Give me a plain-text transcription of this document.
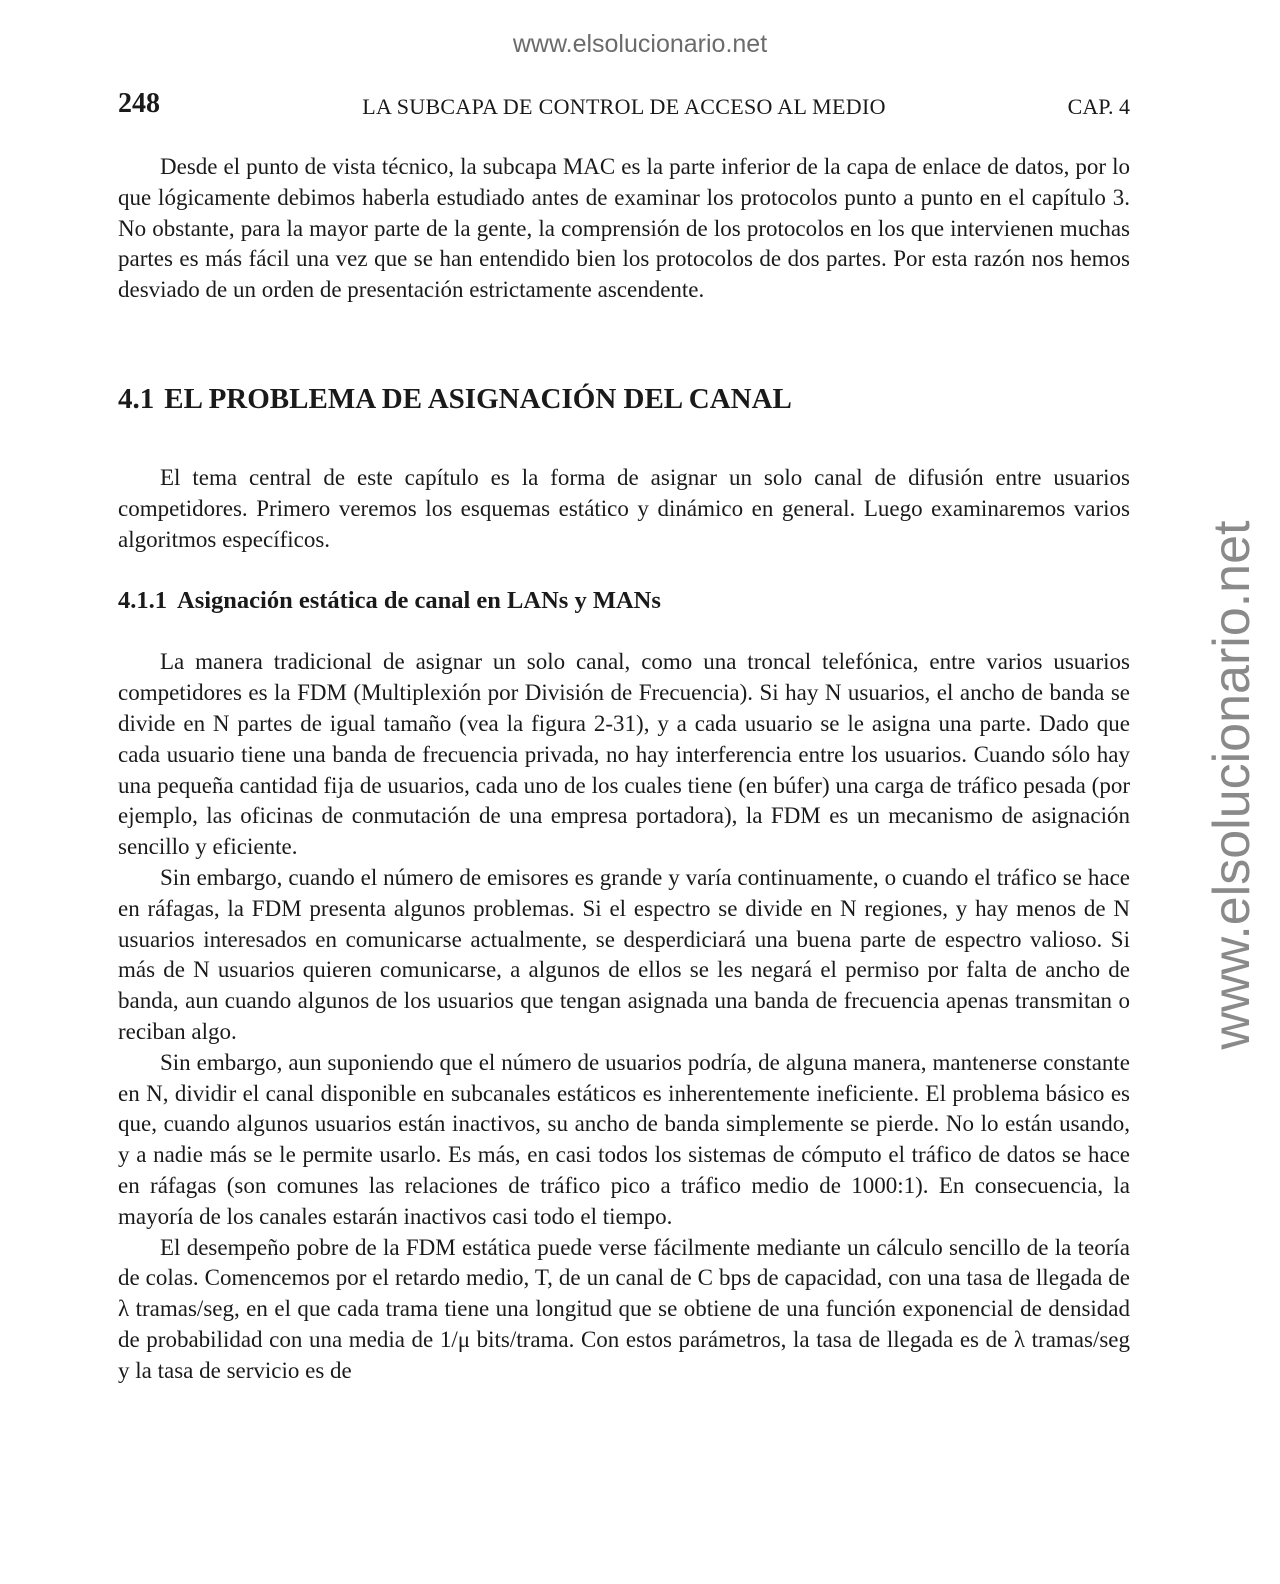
www.elsolucionario.net
www.elsolucionario.net
248	LA SUBCAPA DE CONTROL DE ACCESO AL MEDIO	CAP. 4

Desde el punto de vista técnico, la subcapa MAC es la parte inferior de la capa de enlace de datos, por lo que lógicamente debimos haberla estudiado antes de examinar los protocolos punto a punto en el capítulo 3. No obstante, para la mayor parte de la gente, la comprensión de los protocolos en los que intervienen muchas partes es más fácil una vez que se han entendido bien los protocolos de dos partes. Por esta razón nos hemos desviado de un orden de presentación estrictamente ascendente.

4.1 EL PROBLEMA DE ASIGNACIÓN DEL CANAL

El tema central de este capítulo es la forma de asignar un solo canal de difusión entre usuarios competidores. Primero veremos los esquemas estático y dinámico en general. Luego examinaremos varios algoritmos específicos.

4.1.1 Asignación estática de canal en LANs y MANs

La manera tradicional de asignar un solo canal, como una troncal telefónica, entre varios usuarios competidores es la FDM (Multiplexión por División de Frecuencia). Si hay N usuarios, el ancho de banda se divide en N partes de igual tamaño (vea la figura 2-31), y a cada usuario se le asigna una parte. Dado que cada usuario tiene una banda de frecuencia privada, no hay interferencia entre los usuarios. Cuando sólo hay una pequeña cantidad fija de usuarios, cada uno de los cuales tiene (en búfer) una carga de tráfico pesada (por ejemplo, las oficinas de conmutación de una empresa portadora), la FDM es un mecanismo de asignación sencillo y eficiente.

Sin embargo, cuando el número de emisores es grande y varía continuamente, o cuando el tráfico se hace en ráfagas, la FDM presenta algunos problemas. Si el espectro se divide en N regiones, y hay menos de N usuarios interesados en comunicarse actualmente, se desperdiciará una buena parte de espectro valioso. Si más de N usuarios quieren comunicarse, a algunos de ellos se les negará el permiso por falta de ancho de banda, aun cuando algunos de los usuarios que tengan asignada una banda de frecuencia apenas transmitan o reciban algo.

Sin embargo, aun suponiendo que el número de usuarios podría, de alguna manera, mantenerse constante en N, dividir el canal disponible en subcanales estáticos es inherentemente ineficiente. El problema básico es que, cuando algunos usuarios están inactivos, su ancho de banda simplemente se pierde. No lo están usando, y a nadie más se le permite usarlo. Es más, en casi todos los sistemas de cómputo el tráfico de datos se hace en ráfagas (son comunes las relaciones de tráfico pico a tráfico medio de 1000:1). En consecuencia, la mayoría de los canales estarán inactivos casi todo el tiempo.

El desempeño pobre de la FDM estática puede verse fácilmente mediante un cálculo sencillo de la teoría de colas. Comencemos por el retardo medio, T, de un canal de C bps de capacidad, con una tasa de llegada de λ tramas/seg, en el que cada trama tiene una longitud que se obtiene de una función exponencial de densidad de probabilidad con una media de 1/μ bits/trama. Con estos parámetros, la tasa de llegada es de λ tramas/seg y la tasa de servicio es de
